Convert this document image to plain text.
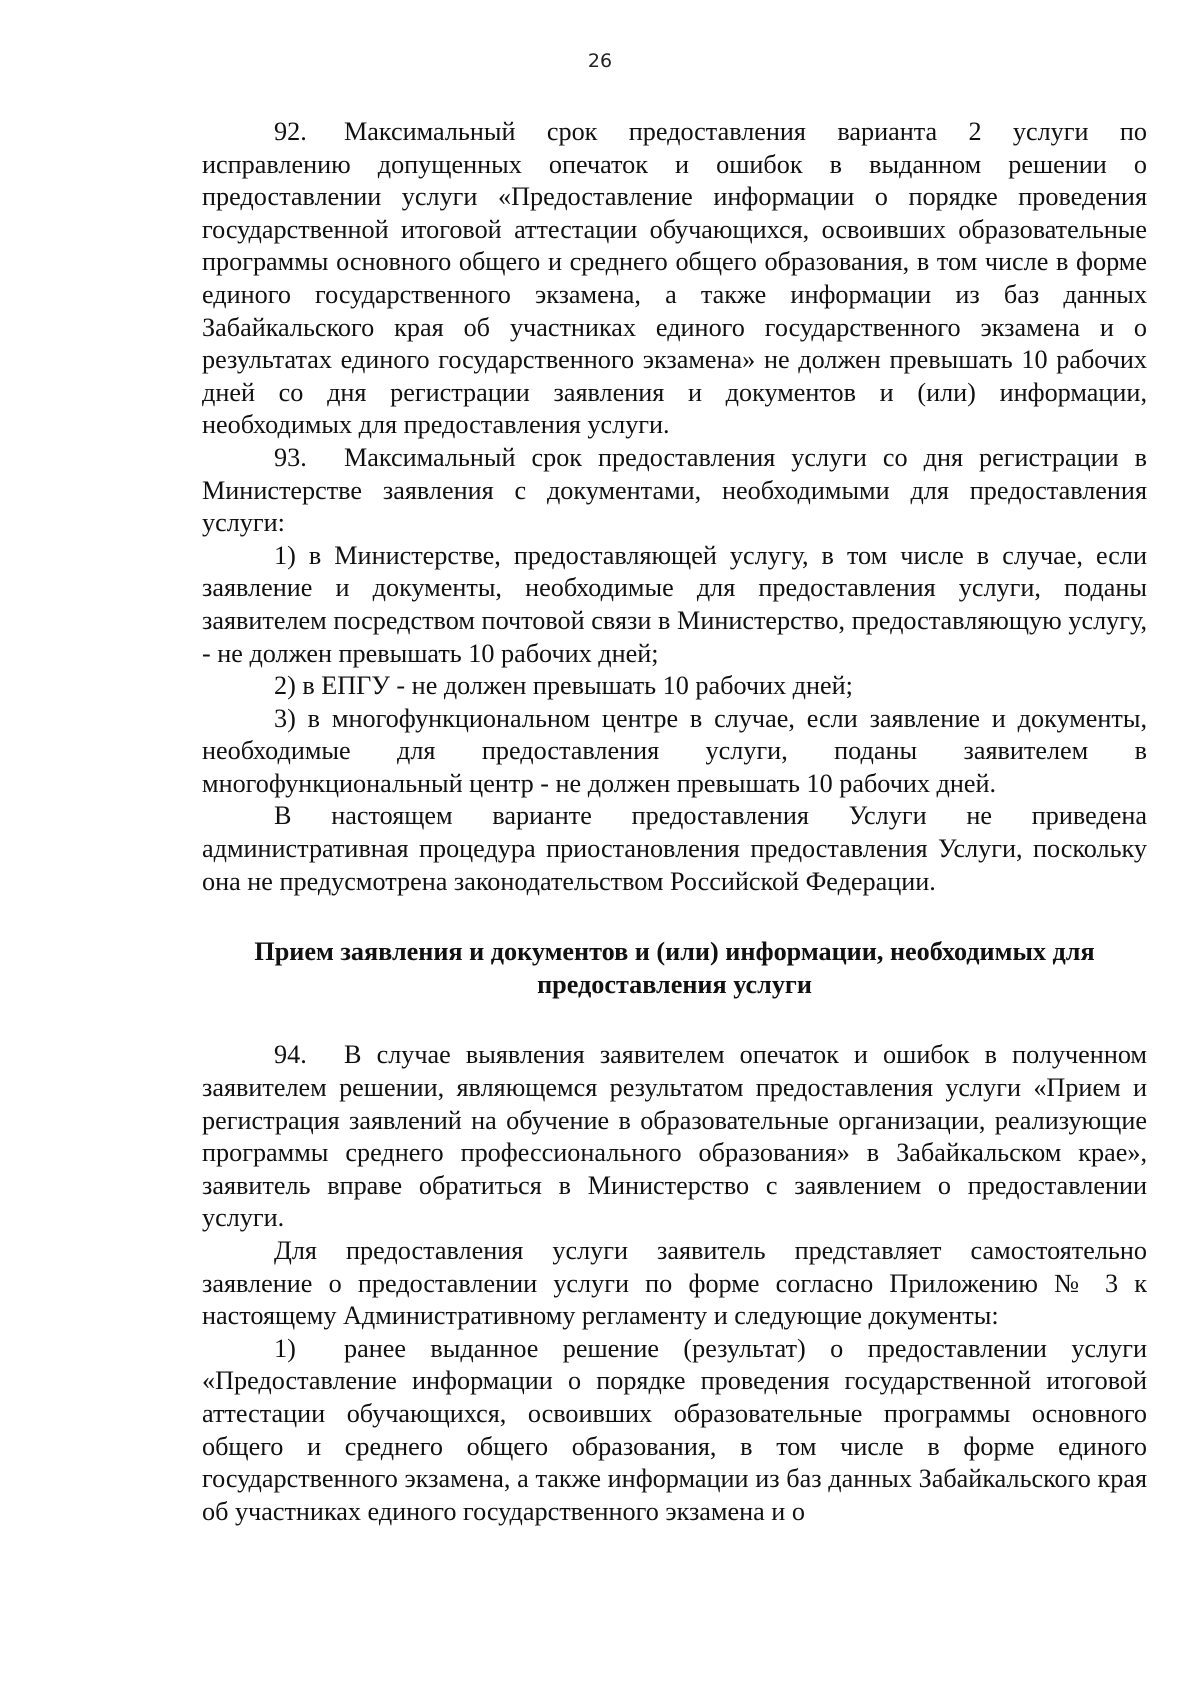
26

92. Максимальный срок предоставления варианта 2 услуги по исправлению допущенных опечаток и ошибок в выданном решении о предоставлении услуги «Предоставление информации о порядке проведения государственной итоговой аттестации обучающихся, освоивших образовательные программы основного общего и среднего общего образования, в том числе в форме единого государственного экзамена, а также информации из баз данных Забайкальского края об участниках единого государственного экзамена и о результатах единого государственного экзамена» не должен превышать 10 рабочих дней со дня регистрации заявления и документов и (или) информации, необходимых для предоставления услуги.

93. Максимальный срок предоставления услуги со дня регистрации в Министерстве заявления с документами, необходимыми для предоставления услуги:

1) в Министерстве, предоставляющей услугу, в том числе в случае, если заявление и документы, необходимые для предоставления услуги, поданы заявителем посредством почтовой связи в Министерство, предоставляющую услугу, - не должен превышать 10 рабочих дней;

2) в ЕПГУ - не должен превышать 10 рабочих дней;

3) в многофункциональном центре в случае, если заявление и документы, необходимые для предоставления услуги, поданы заявителем в многофункциональный центр - не должен превышать 10 рабочих дней.

В настоящем варианте предоставления Услуги не приведена административная процедура приостановления предоставления Услуги, поскольку она не предусмотрена законодательством Российской Федерации.

Прием заявления и документов и (или) информации, необходимых для
предоставления услуги

94. В случае выявления заявителем опечаток и ошибок в полученном заявителем решении, являющемся результатом предоставления услуги «Прием и регистрация заявлений на обучение в образовательные организации, реализующие программы среднего профессионального образования» в Забайкальском крае», заявитель вправе обратиться в Министерство с заявлением о предоставлении услуги.

Для предоставления услуги заявитель представляет самостоятельно заявление о предоставлении услуги по форме согласно Приложению № 3 к настоящему Административному регламенту и следующие документы:

1) ранее выданное решение (результат) о предоставлении услуги «Предоставление информации о порядке проведения государственной итоговой аттестации обучающихся, освоивших образовательные программы основного общего и среднего общего образования, в том числе в форме единого государственного экзамена, а также информации из баз данных Забайкальского края об участниках единого государственного экзамена и о
